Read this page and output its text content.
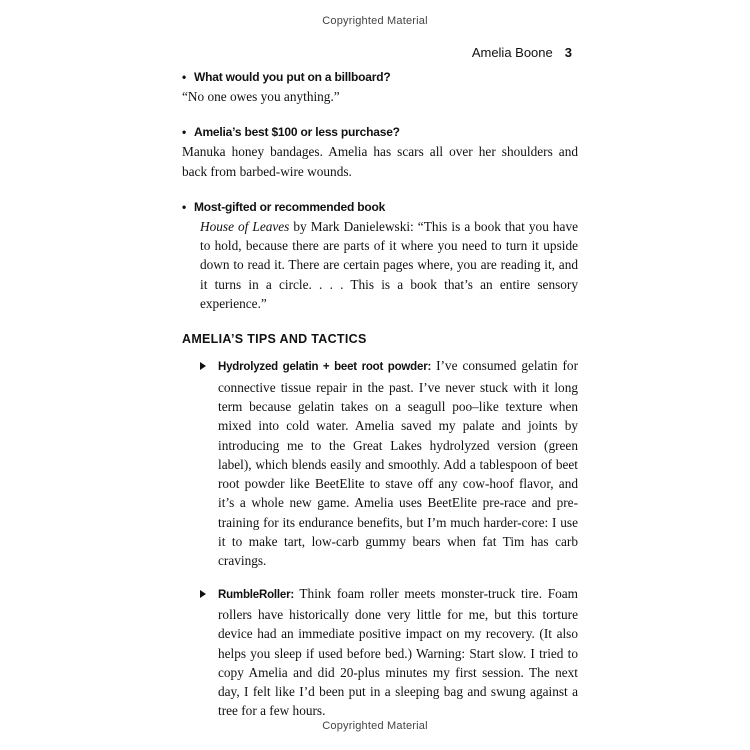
Copyrighted Material
Amelia Boone 3
• What would you put on a billboard?
“No one owes you anything.”
• Amelia’s best $100 or less purchase?
Manuka honey bandages. Amelia has scars all over her shoulders and back from barbed-wire wounds.
• Most-gifted or recommended book
House of Leaves by Mark Danielewski: “This is a book that you have to hold, because there are parts of it where you need to turn it upside down to read it. There are certain pages where, you are reading it, and it turns in a circle. . . . This is a book that’s an entire sensory experience.”
AMELIA’S TIPS AND TACTICS
Hydrolyzed gelatin + beet root powder: I’ve consumed gelatin for connective tissue repair in the past. I’ve never stuck with it long term because gelatin takes on a seagull poo–like texture when mixed into cold water. Amelia saved my palate and joints by introducing me to the Great Lakes hydrolyzed version (green label), which blends easily and smoothly. Add a tablespoon of beet root powder like BeetElite to stave off any cow-hoof flavor, and it’s a whole new game. Amelia uses BeetElite pre-race and pre-training for its endurance benefits, but I’m much harder-core: I use it to make tart, low-carb gummy bears when fat Tim has carb cravings.
RumbleRoller: Think foam roller meets monster-truck tire. Foam rollers have historically done very little for me, but this torture device had an immediate positive impact on my recovery. (It also helps you sleep if used before bed.) Warning: Start slow. I tried to copy Amelia and did 20-plus minutes my first session. The next day, I felt like I’d been put in a sleeping bag and swung against a tree for a few hours.
Copyrighted Material
